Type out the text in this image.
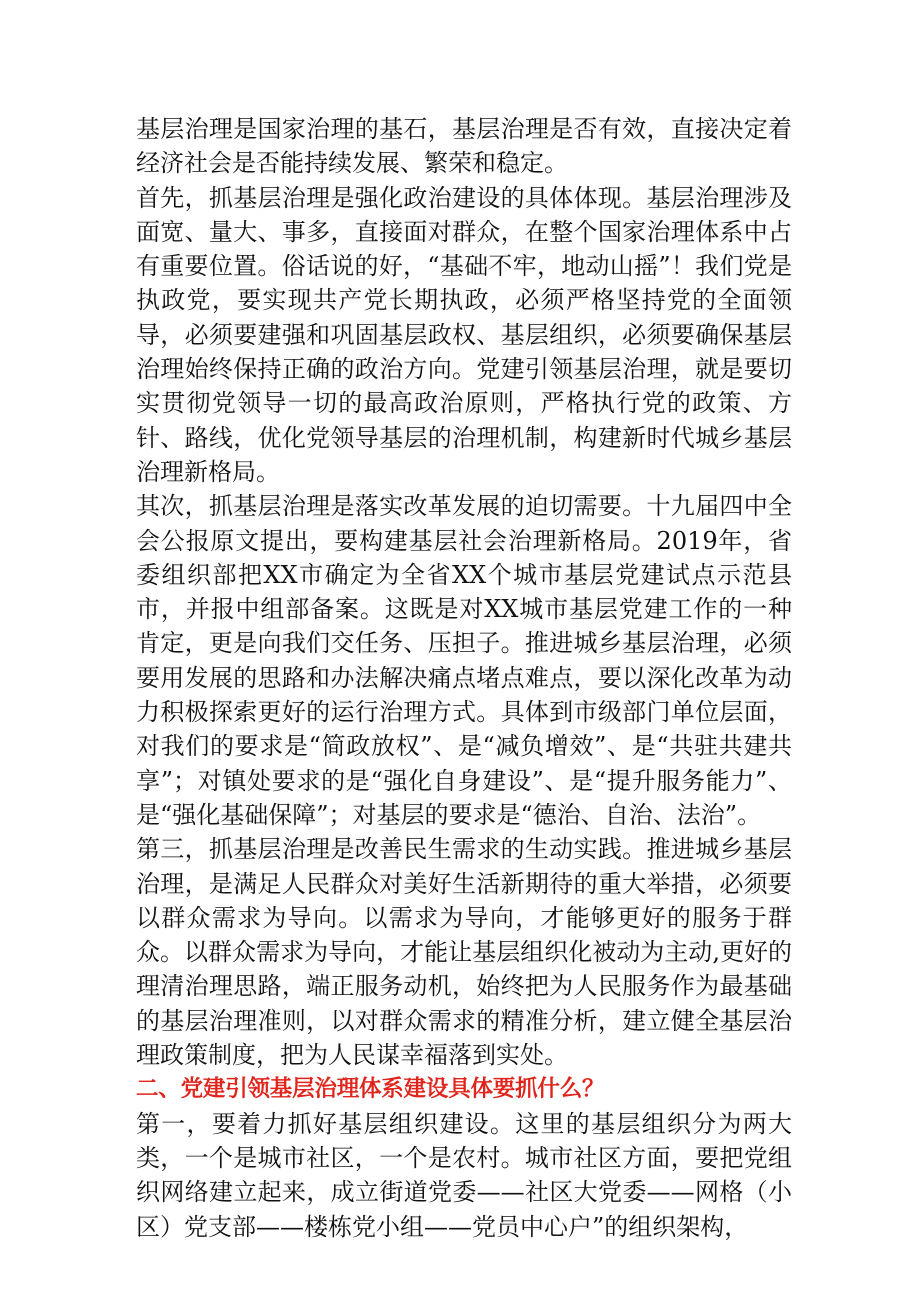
基层治理是国家治理的基石，基层治理是否有效，直接决定着经济社会是否能持续发展、繁荣和稳定。

首先，抓基层治理是强化政治建设的具体体现。基层治理涉及面宽、量大、事多，直接面对群众，在整个国家治理体系中占有重要位置。俗话说的好，“基础不牢，地动山摇”！我们党是执政党，要实现共产党长期执政，必须严格坚持党的全面领导，必须要建强和巩固基层政权、基层组织，必须要确保基层治理始终保持正确的政治方向。党建引领基层治理，就是要切实贯彻党领导一切的最高政治原则，严格执行党的政策、方针、路线，优化党领导基层的治理机制，构建新时代城乡基层治理新格局。

其次，抓基层治理是落实改革发展的迫切需要。十九届四中全会公报原文提出，要构建基层社会治理新格局。2019年，省委组织部把XX市确定为全省XX个城市基层党建试点示范县市，并报中组部备案。这既是对XX城市基层党建工作的一种肯定，更是向我们交任务、压担子。推进城乡基层治理，必须要用发展的思路和办法解决痛点堵点难点，要以深化改革为动力积极探索更好的运行治理方式。具体到市级部门单位层面，对我们的要求是“简政放权”、是“减负增效”、是“共驻共建共享”；对镇处要求的是“强化自身建设”、是“提升服务能力”、是“强化基础保障”；对基层的要求是“德治、自治、法治”。

第三，抓基层治理是改善民生需求的生动实践。推进城乡基层治理，是满足人民群众对美好生活新期待的重大举措，必须要以群众需求为导向。以需求为导向，才能够更好的服务于群众。以群众需求为导向，才能让基层组织化被动为主动,更好的理清治理思路，端正服务动机，始终把为人民服务作为最基础的基层治理准则，以对群众需求的精准分析，建立健全基层治理政策制度，把为人民谋幸福落到实处。

二、党建引领基层治理体系建设具体要抓什么？

第一，要着力抓好基层组织建设。这里的基层组织分为两大类，一个是城市社区，一个是农村。城市社区方面，要把党组织网络建立起来，成立街道党委——社区大党委——网格（小区）党支部——楼栋党小组——党员中心户”的组织架构，
